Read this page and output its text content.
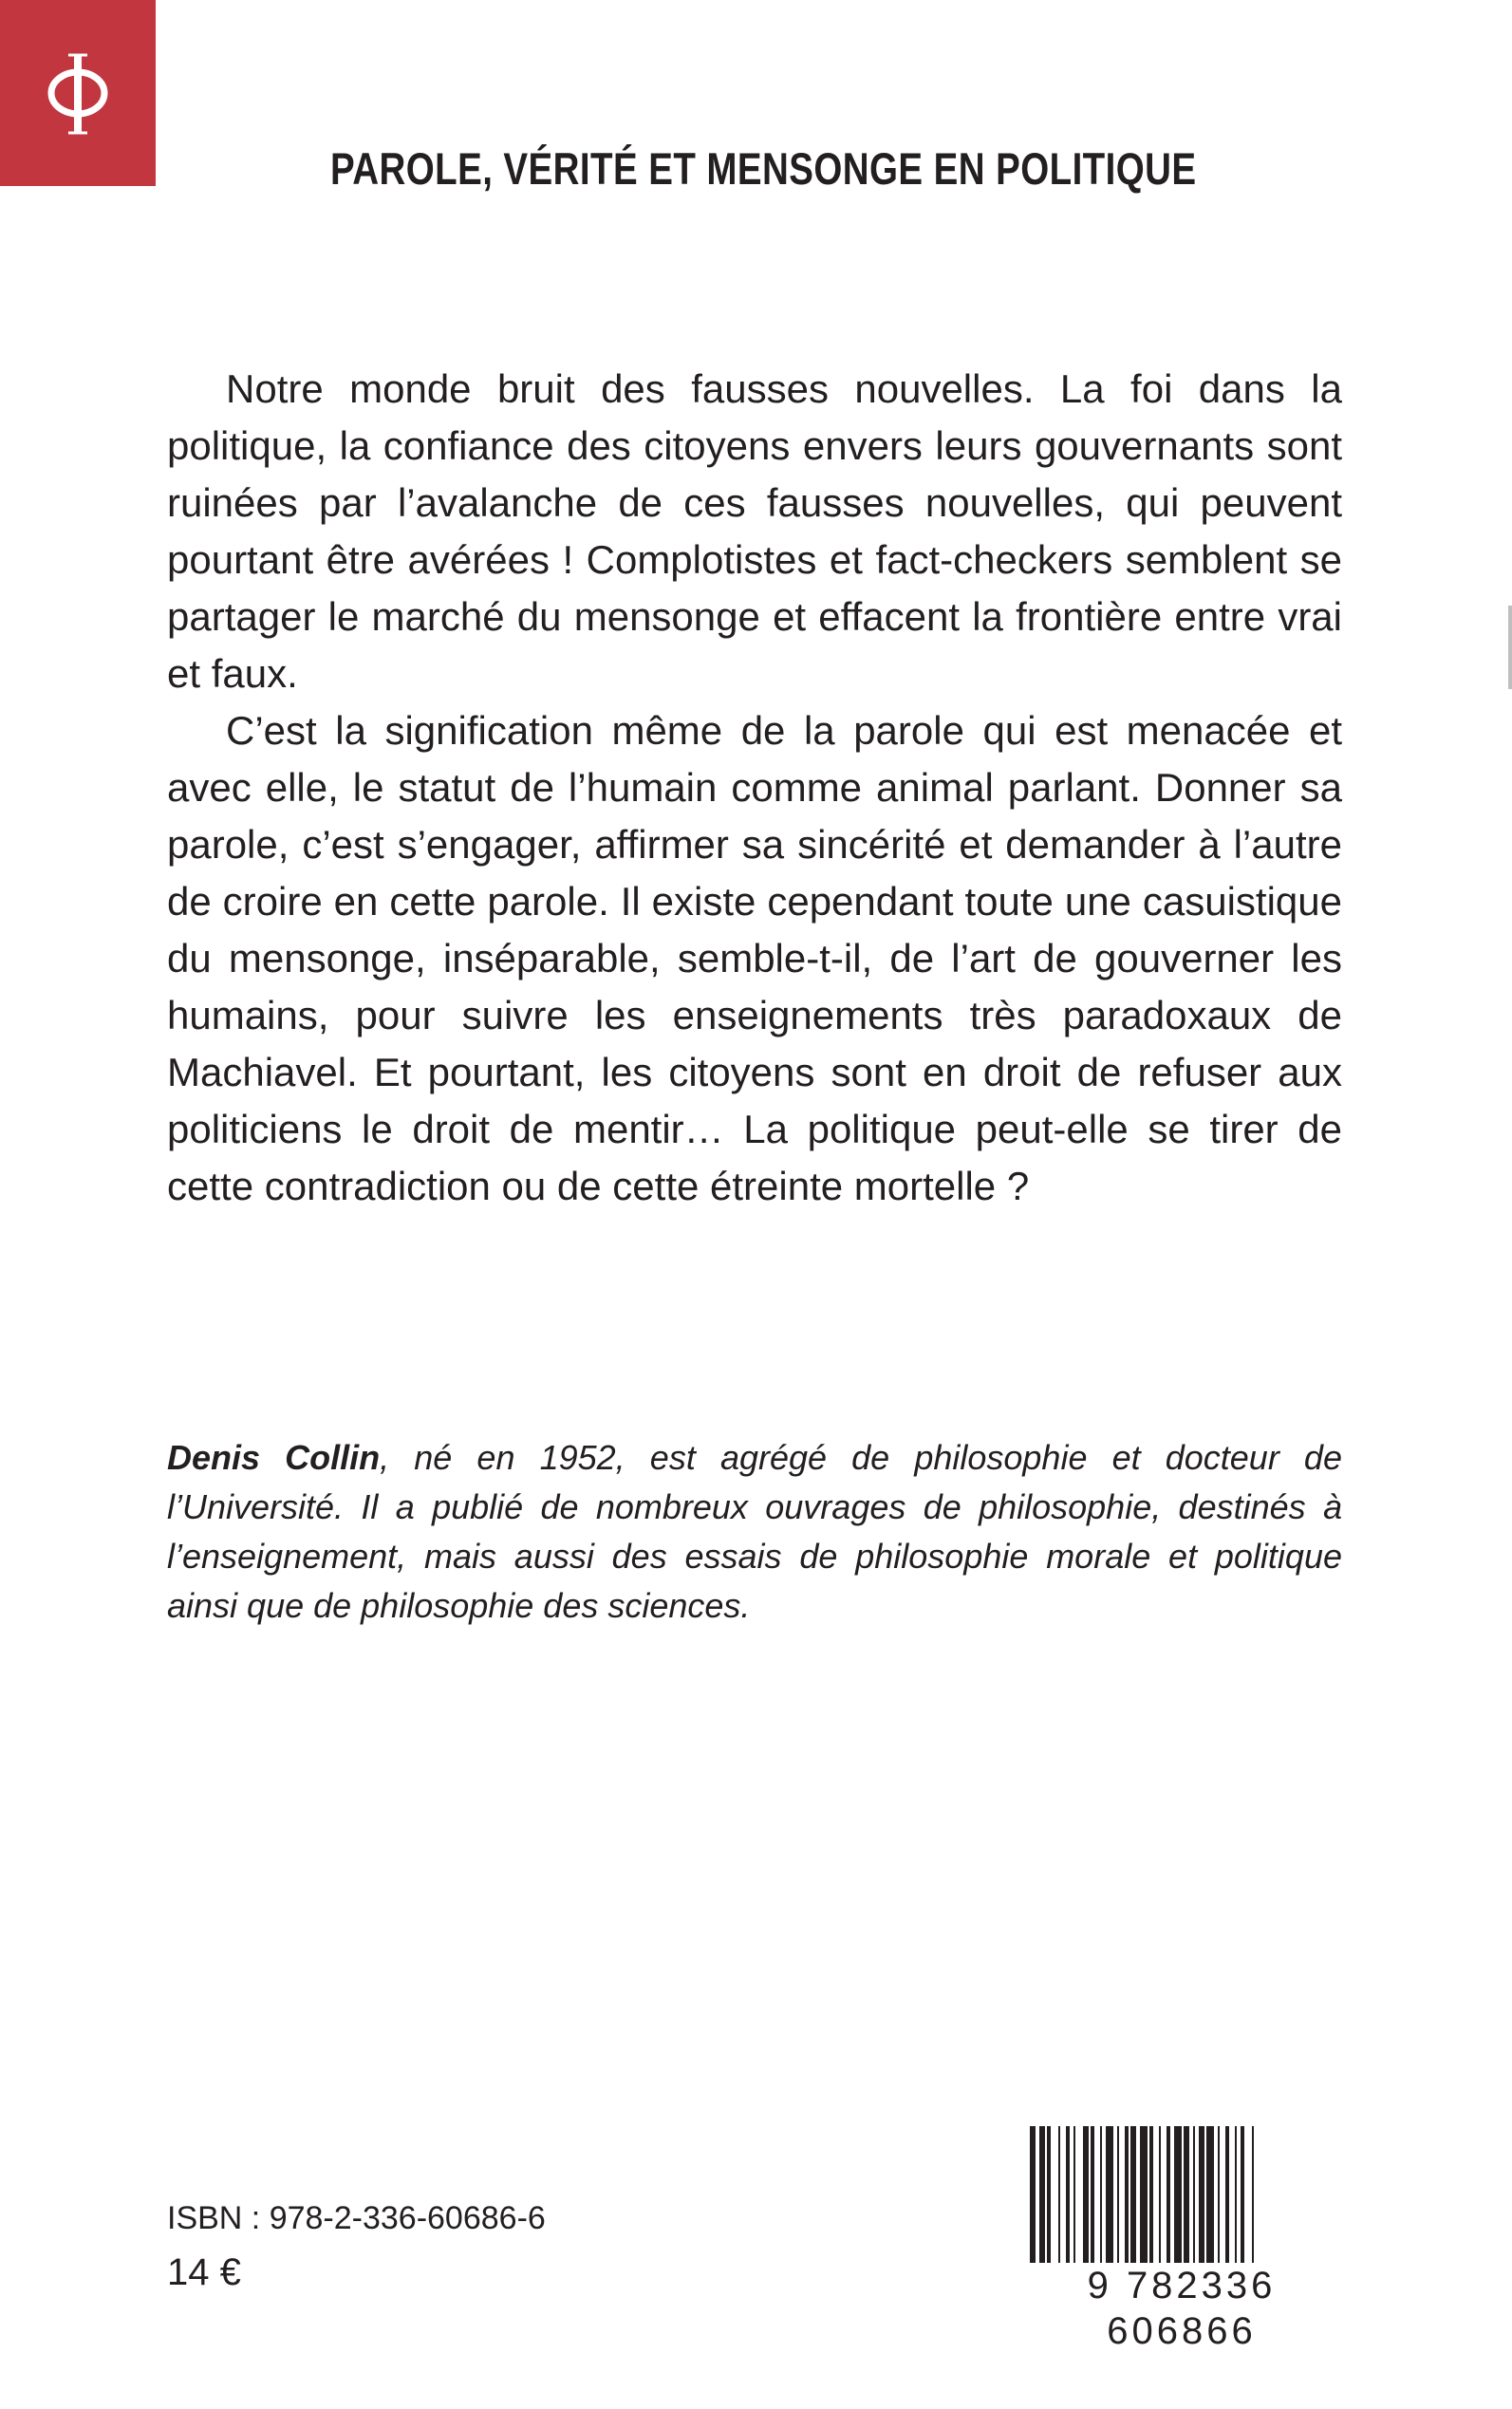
PAROLE, VÉRITÉ ET MENSONGE EN POLITIQUE

Notre monde bruit des fausses nouvelles. La foi dans la politique, la confiance des citoyens envers leurs gouvernants sont ruinées par l’avalanche de ces fausses nouvelles, qui peuvent pourtant être avérées ! Complotistes et fact-checkers semblent se partager le marché du mensonge et effacent la frontière entre vrai et faux.

C’est la signification même de la parole qui est menacée et avec elle, le statut de l’humain comme animal parlant. Donner sa parole, c’est s’engager, affirmer sa sincérité et demander à l’autre de croire en cette parole. Il existe cependant toute une casuistique du mensonge, inséparable, semble-t-il, de l’art de gouverner les humains, pour suivre les enseignements très paradoxaux de Machiavel. Et pourtant, les citoyens sont en droit de refuser aux politiciens le droit de mentir… La politique peut-elle se tirer de cette contradiction ou de cette étreinte mortelle ?

Denis Collin, né en 1952, est agrégé de philosophie et docteur de l’Université. Il a publié de nombreux ouvrages de philosophie, destinés à l’enseignement, mais aussi des essais de philosophie morale et politique ainsi que de philosophie des sciences.
ISBN : 978-2-336-60686-6
14 €	9 782336 606866
